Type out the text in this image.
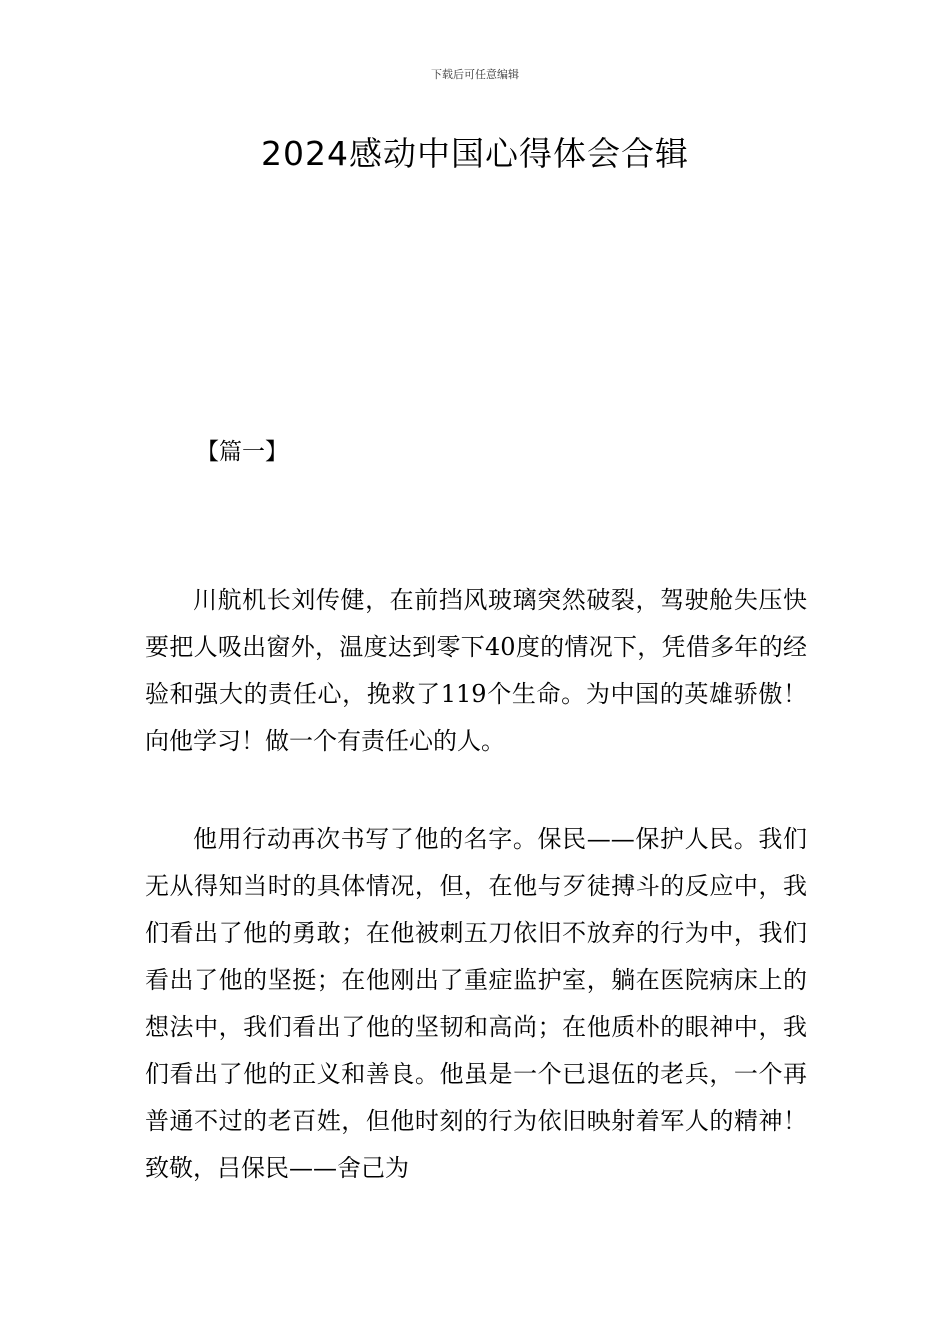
下载后可任意编辑
2024感动中国心得体会合辑
【篇一】

川航机长刘传健，在前挡风玻璃突然破裂，驾驶舱失压快要把人吸出窗外，温度达到零下40度的情况下，凭借多年的经验和强大的责任心，挽救了119个生命。为中国的英雄骄傲！向他学习！做一个有责任心的人。

他用行动再次书写了他的名字。保民——保护人民。我们无从得知当时的具体情况，但，在他与歹徒搏斗的反应中，我们看出了他的勇敢；在他被刺五刀依旧不放弃的行为中，我们看出了他的坚挺；在他刚出了重症监护室，躺在医院病床上的想法中，我们看出了他的坚韧和高尚；在他质朴的眼神中，我们看出了他的正义和善良。他虽是一个已退伍的老兵，一个再普通不过的老百姓，但他时刻的行为依旧映射着军人的精神！致敬，吕保民——舍己为
